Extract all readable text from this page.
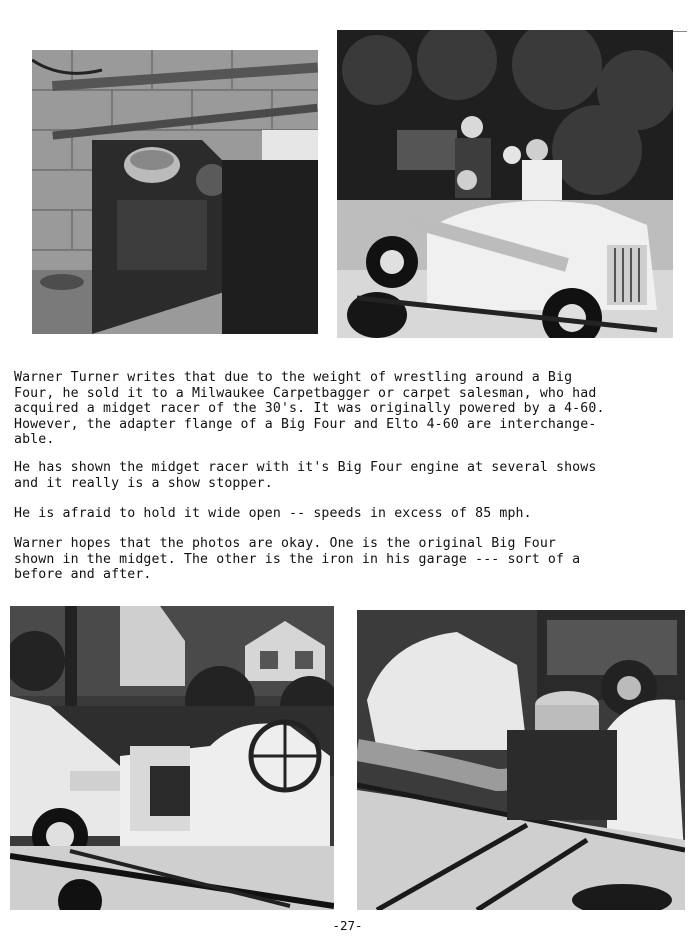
Warner Turner writes that due to the weight of wrestling around a Big
Four, he sold it to a Milwaukee Carpetbagger or carpet salesman, who had
acquired a midget racer of the 30's. It was originally powered by a 4-60.
However, the adapter flange of a Big Four and Elto 4-60 are interchange-
able.
He has shown the midget racer with it's Big Four engine at several shows
and it really is a show stopper.
He is afraid to hold it wide open -- speeds in excess of 85 mph.
Warner hopes that the photos are okay. One is the original Big Four
shown in the midget. The other is the iron in his garage --- sort of a
before and after.
-27-
